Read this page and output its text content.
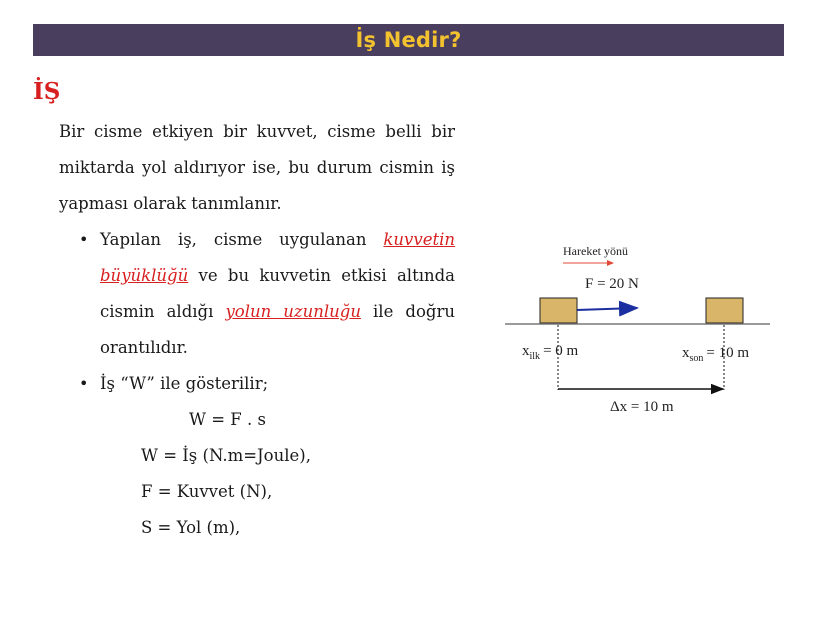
İş Nedir?
İŞ

Bir cisme etkiyen bir kuvvet, cisme belli bir miktarda yol aldırıyor ise, bu durum cismin iş yapması olarak tanımlanır.

• Yapılan iş, cisme uygulanan kuvvetin büyüklüğü ve bu kuvvetin etkisi altında cismin aldığı yolun uzunluğu ile doğru orantılıdır.
• İş “W” ile gösterilir;
W = F . s
W = İş (N.m=Joule),
F = Kuvvet (N),
S = Yol (m),
Hareket yönü
F = 20 N
$x_{ilk} = 0$ m	$x_{son} = 10$ m
Δx = 10 m
